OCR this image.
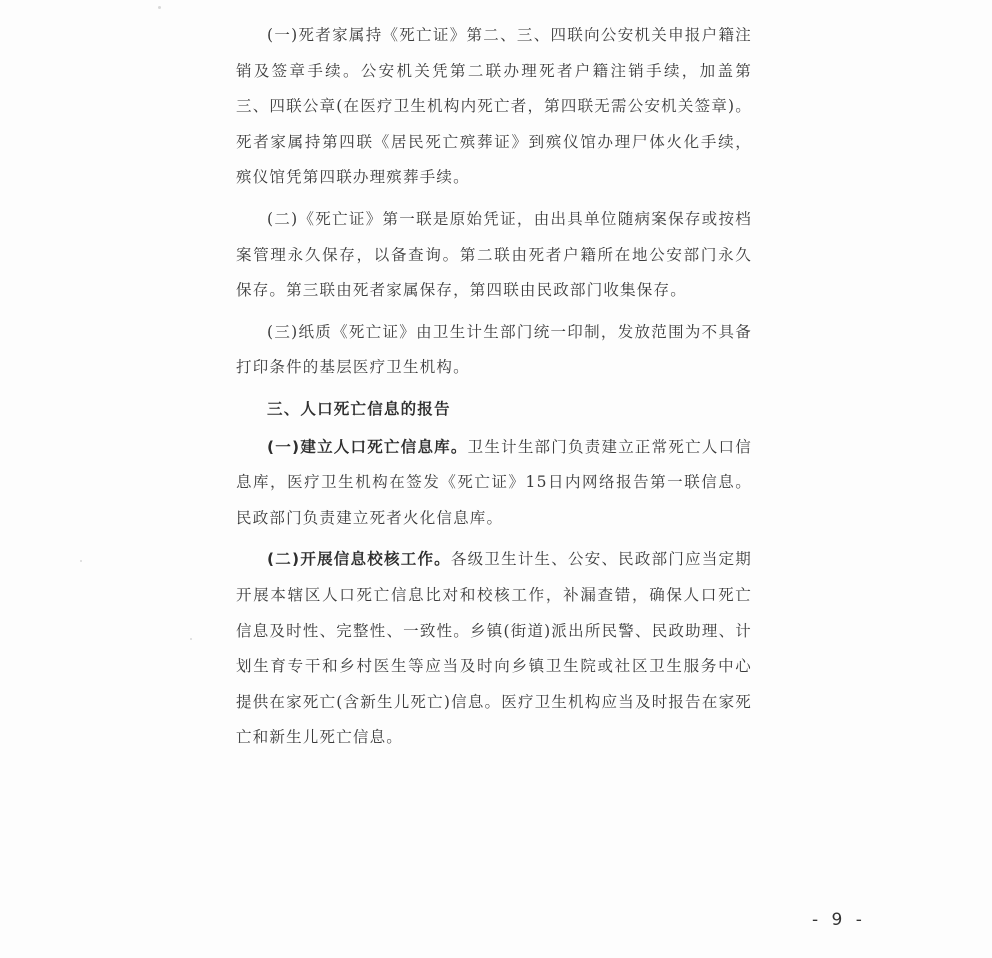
(一)死者家属持《死亡证》第二、三、四联向公安机关申报户籍注销及签章手续。公安机关凭第二联办理死者户籍注销手续，加盖第三、四联公章(在医疗卫生机构内死亡者，第四联无需公安机关签章)。死者家属持第四联《居民死亡殡葬证》到殡仪馆办理尸体火化手续，殡仪馆凭第四联办理殡葬手续。

(二)《死亡证》第一联是原始凭证，由出具单位随病案保存或按档案管理永久保存，以备查询。第二联由死者户籍所在地公安部门永久保存。第三联由死者家属保存，第四联由民政部门收集保存。

(三)纸质《死亡证》由卫生计生部门统一印制，发放范围为不具备打印条件的基层医疗卫生机构。

三、人口死亡信息的报告

(一)建立人口死亡信息库。卫生计生部门负责建立正常死亡人口信息库，医疗卫生机构在签发《死亡证》15日内网络报告第一联信息。民政部门负责建立死者火化信息库。

(二)开展信息校核工作。各级卫生计生、公安、民政部门应当定期开展本辖区人口死亡信息比对和校核工作，补漏查错，确保人口死亡信息及时性、完整性、一致性。乡镇(街道)派出所民警、民政助理、计划生育专干和乡村医生等应当及时向乡镇卫生院或社区卫生服务中心提供在家死亡(含新生儿死亡)信息。医疗卫生机构应当及时报告在家死亡和新生儿死亡信息。

- 9 -
